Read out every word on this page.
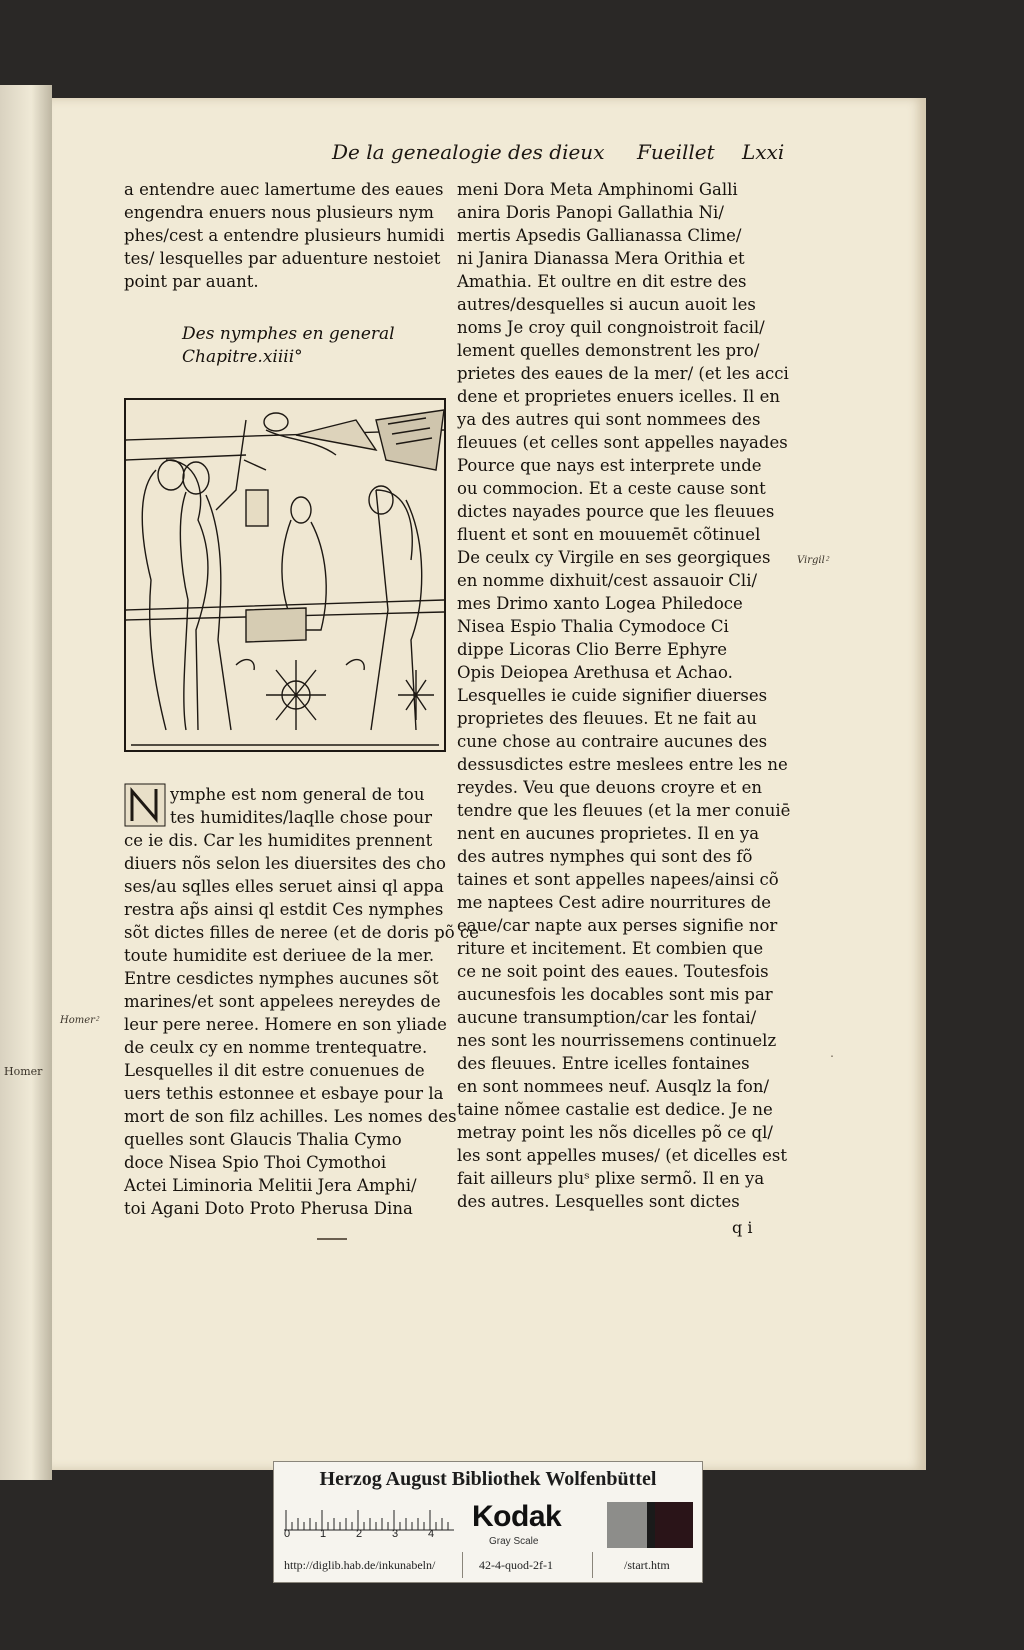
Homer
De la genealogie des dieux Fueillet Lxxi

a entendre auec lamertume des eaues

engendra enuers nous plusieurs nym

phes/cest a entendre plusieurs humidi

tes/ lesquelles par aduenture nestoiet

point par auant.

Des nymphes en general

Chapitre.xiiii°

ymphe est nom general de tou

tes humidites/laqlle chose pour

ce ie dis. Car les humidites prennent

diuers nõs selon les diuersites des cho

ses/au sqlles elles seruet ainsi ql appa

restra ap̃s ainsi ql estdit Ces nymphes

sõt dictes filles de neree (et de doris põ ce

toute humidite est deriuee de la mer.

Entre cesdictes nymphes aucunes sõt

marines/et sont appelees nereydes de

leur pere neree. Homere en son yliade

de ceulx cy en nomme trentequatre.

Lesquelles il dit estre conuenues de

uers tethis estonnee et esbaye pour la

mort de son filz achilles. Les nomes des

quelles sont Glaucis Thalia Cymo

doce Nisea Spio Thoi Cymothoi

Actei Liminoria Melitii Jera Amphi/

toi Agani Doto Proto Pherusa Dina

meni Dora Meta Amphinomi Galli

anira Doris Panopi Gallathia Ni/

mertis Apsedis Gallianassa Clime/

ni Janira Dianassa Mera Orithia et

Amathia. Et oultre en dit estre des

autres/desquelles si aucun auoit les

noms Je croy quil congnoistroit facil/

lement quelles demonstrent les pro/

prietes des eaues de la mer/ (et les acci

dene et proprietes enuers icelles. Il en

ya des autres qui sont nommees des

fleuues (et celles sont appelles nayades

Pource que nays est interprete unde

ou commocion. Et a ceste cause sont

dictes nayades pource que les fleuues

fluent et sont en mouuemēt cõtinuel

De ceulx cy Virgile en ses georgiques

en nomme dixhuit/cest assauoir Cli/

mes Drimo xanto Logea Philedoce

Nisea Espio Thalia Cymodoce Ci

dippe Licoras Clio Berre Ephyre

Opis Deiopea Arethusa et Achao.

Lesquelles ie cuide signifier diuerses

proprietes des fleuues. Et ne fait au

cune chose au contraire aucunes des

dessusdictes estre meslees entre les ne

reydes. Veu que deuons croyre et en

tendre que les fleuues (et la mer conuiē

nent en aucunes proprietes. Il en ya

des autres nymphes qui sont des fõ

taines et sont appelles napees/ainsi cõ

me naptees Cest adire nourritures de

eaue/car napte aux perses signifie nor

riture et incitement. Et combien que

ce ne soit point des eaues. Toutesfois

aucunesfois les docables sont mis par

aucune transumption/car les fontai/

nes sont les nourrissemens continuelz

des fleuues. Entre icelles fontaines

en sont nommees neuf. Ausqlz la fon/

taine nõmee castalie est dedice. Je ne

metray point les nõs dicelles põ ce ql/

les sont appelles muses/ (et dicelles est

fait ailleurs pluˢ plixe sermõ. Il en ya

des autres. Lesquelles sont dictes

Virgil⁲
Homer⁲
․
q i
Herzog August Bibliothek Wolfenbüttel
0	1	2	3	4
Kodak
Gray Scale
http://diglib.hab.de/inkunabeln/	42-4-quod-2f-1	/start.htm
